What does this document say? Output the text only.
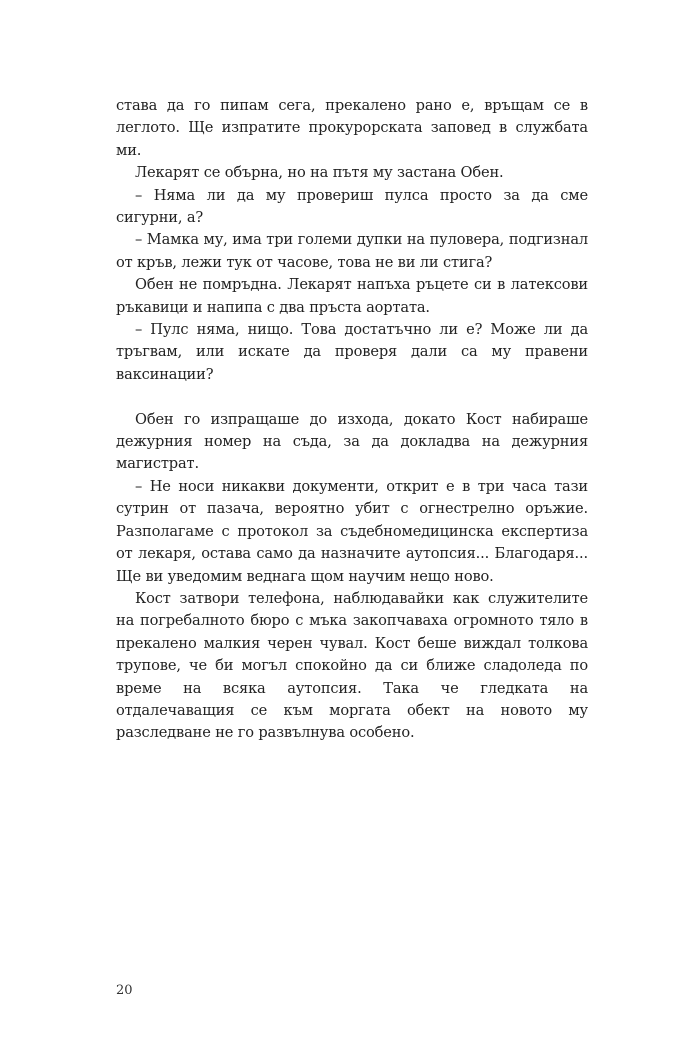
става да го пипам сега, прекалено рано е, връщам се в леглото. Ще изпратите прокурорската заповед в службата ми.

Лекарят се обърна, но на пътя му застана Обен.

– Няма ли да му провериш пулса просто за да сме сигурни, а?

– Мамка му, има три големи дупки на пуловера, подгизнал от кръв, лежи тук от часове, това не ви ли стига?

Обен не помръдна. Лекарят напъха ръцете си в латексови ръкавици и напипа с два пръста аортата.

– Пулс няма, нищо. Това достатъчно ли е? Може ли да тръгвам, или искате да проверя дали са му правени ваксинации?

Обен го изпращаше до изхода, докато Кост набираше дежурния номер на съда, за да докладва на дежурния магистрат.

– Не носи никакви документи, открит е в три часа тази сутрин от пазача, вероятно убит с огнестрелно оръжие. Разполагаме с протокол за съдебномедицинска експертиза от лекаря, остава само да назначите аутопсия... Благодаря... Ще ви уведомим веднага щом научим нещо ново.

Кост затвори телефона, наблюдавайки как служителите на погребалното бюро с мъка закопчаваха огромното тяло в прекалено малкия черен чувал. Кост беше виждал толкова трупове, че би могъл спокойно да си ближе сладоледа по време на всяка аутопсия. Така че гледката на отдалечаващия се към моргата обект на новото му разследване не го развълнува особено.

20
